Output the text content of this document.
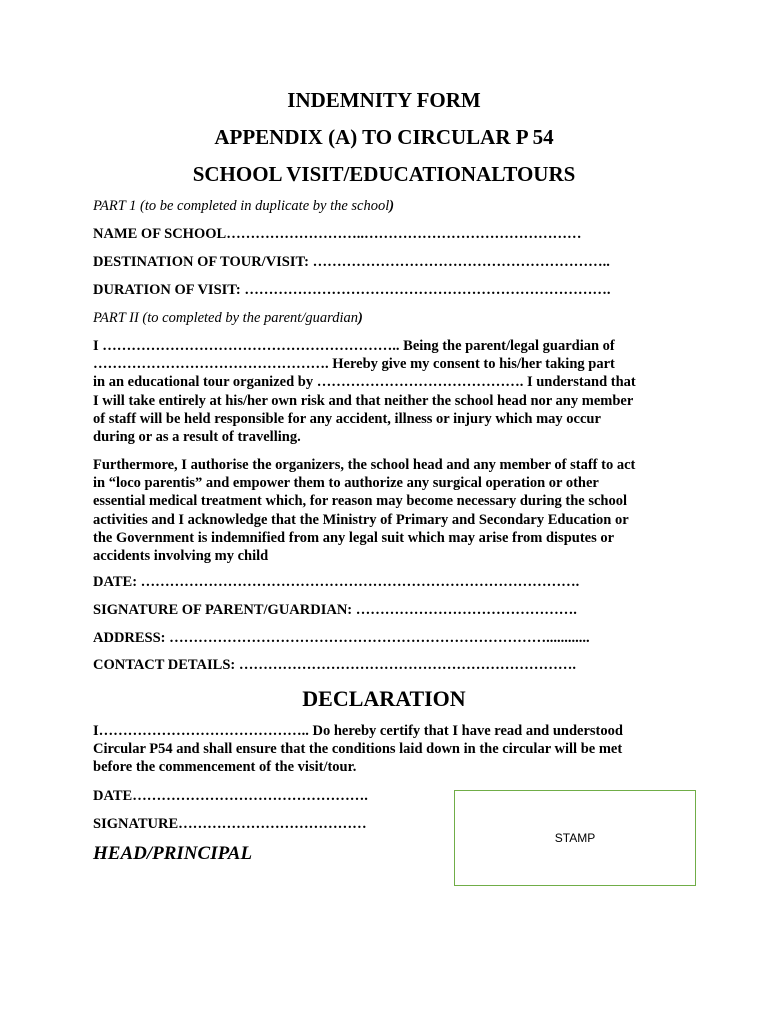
INDEMNITY FORM
APPENDIX (A) TO CIRCULAR P 54
SCHOOL VISIT/EDUCATIONALTOURS
PART 1 (to be completed in duplicate by the school)
NAME OF SCHOOL………………………..………………………………………
DESTINATION OF TOUR/VISIT: ……………………………………………………..
DURATION OF VISIT: ………………………………………………………………….
PART II (to completed by the parent/guardian)
I …………………………………………………….. Being the parent/legal guardian of
…………………………………………. Hereby give my consent to his/her taking part
in an educational tour organized by ……………………………………. I understand that
I will take entirely at his/her own risk and that neither the school head nor any member
of staff will be held responsible for any accident, illness or injury which may occur
during or as a result of travelling.
Furthermore, I authorise the organizers, the school head and any member of staff to act
in “loco parentis” and empower them to authorize any surgical operation or other
essential medical treatment which, for reason may become necessary during the school
activities and I acknowledge that the Ministry of Primary and Secondary Education or
the Government is indemnified from any legal suit which may arise from disputes or
accidents involving my child
DATE: ……………………………………………………………………………….
SIGNATURE OF PARENT/GUARDIAN: ……………………………………….
ADDRESS: ……………………………………………………………………............
CONTACT DETAILS: …………………………………………………………….
DECLARATION
I…………………………………….. Do hereby certify that I have read and understood
Circular P54 and shall ensure that the conditions laid down in the circular will be met
before the commencement of the visit/tour.
DATE………………………………………….
SIGNATURE…………………………………
HEAD/PRINCIPAL
STAMP
